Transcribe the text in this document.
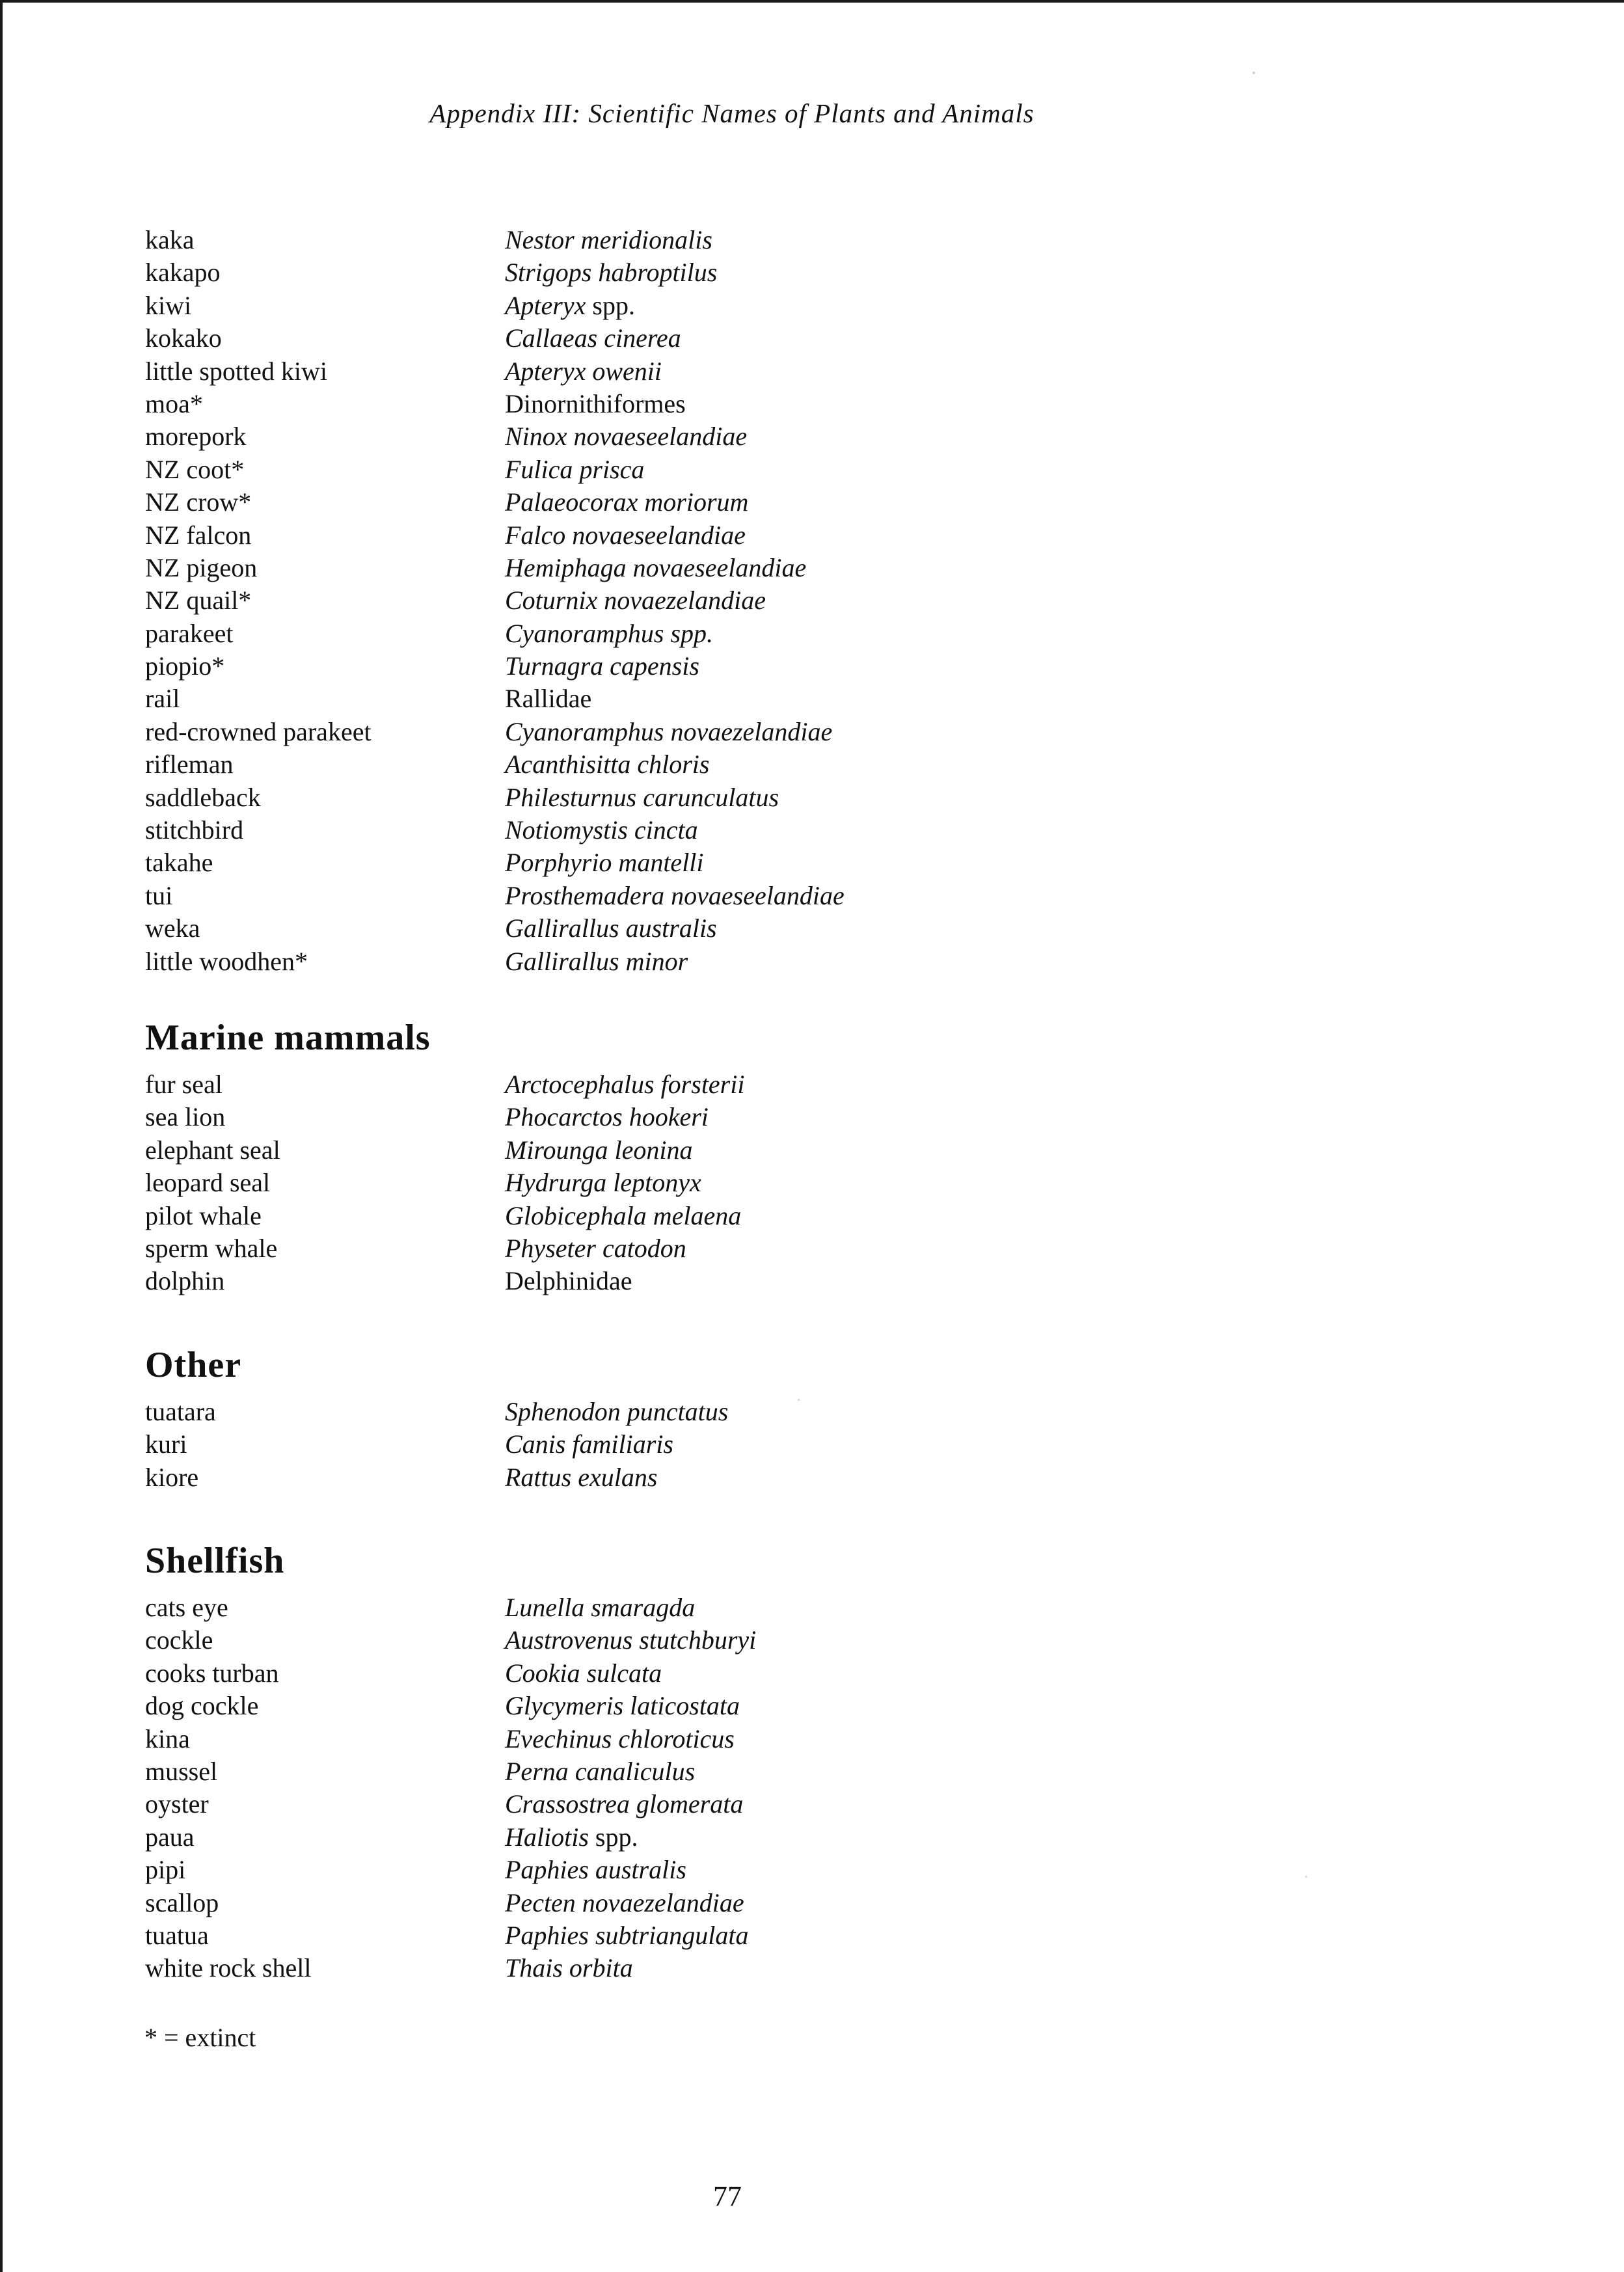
Appendix III: Scientific Names of Plants and Animals
kaka	Nestor meridionalis
kakapo	Strigops habroptilus
kiwi	Apteryx spp.
kokako	Callaeas cinerea
little spotted kiwi	Apteryx owenii
moa*	Dinornithiformes
morepork	Ninox novaeseelandiae
NZ coot*	Fulica prisca
NZ crow*	Palaeocorax moriorum
NZ falcon	Falco novaeseelandiae
NZ pigeon	Hemiphaga novaeseelandiae
NZ quail*	Coturnix novaezelandiae
parakeet	Cyanoramphus spp.
piopio*	Turnagra capensis
rail	Rallidae
red-crowned parakeet	Cyanoramphus novaezelandiae
rifleman	Acanthisitta chloris
saddleback	Philesturnus carunculatus
stitchbird	Notiomystis cincta
takahe	Porphyrio mantelli
tui	Prosthemadera novaeseelandiae
weka	Gallirallus australis
little woodhen*	Gallirallus minor
Marine mammals
fur seal	Arctocephalus forsterii
sea lion	Phocarctos hookeri
elephant seal	Mirounga leonina
leopard seal	Hydrurga leptonyx
pilot whale	Globicephala melaena
sperm whale	Physeter catodon
dolphin	Delphinidae
Other
tuatara	Sphenodon punctatus
kuri	Canis familiaris
kiore	Rattus exulans
Shellfish
cats eye	Lunella smaragda
cockle	Austrovenus stutchburyi
cooks turban	Cookia sulcata
dog cockle	Glycymeris laticostata
kina	Evechinus chloroticus
mussel	Perna canaliculus
oyster	Crassostrea glomerata
paua	Haliotis spp.
pipi	Paphies australis
scallop	Pecten novaezelandiae
tuatua	Paphies subtriangulata
white rock shell	Thais orbita
* = extinct
77
